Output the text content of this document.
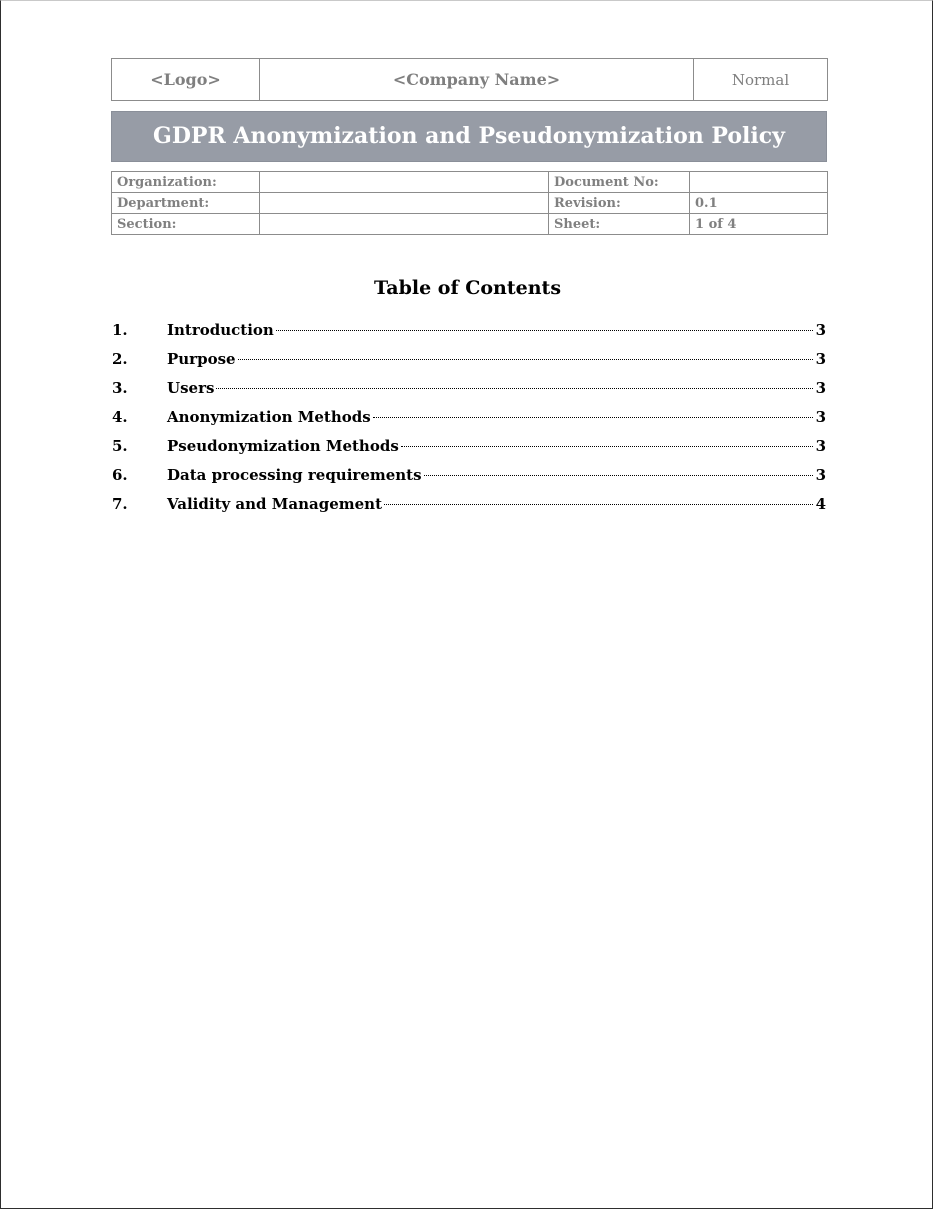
<Logo>	<Company Name>	Normal
GDPR Anonymization and Pseudonymization Policy
Organization:		Document No:	
Department:		Revision:	0.1
Section:		Sheet:	1 of 4
Table of Contents
1.	Introduction	3
2.	Purpose	3
3.	Users	3
4.	Anonymization Methods	3
5.	Pseudonymization Methods	3
6.	Data processing requirements	3
7.	Validity and Management	4
